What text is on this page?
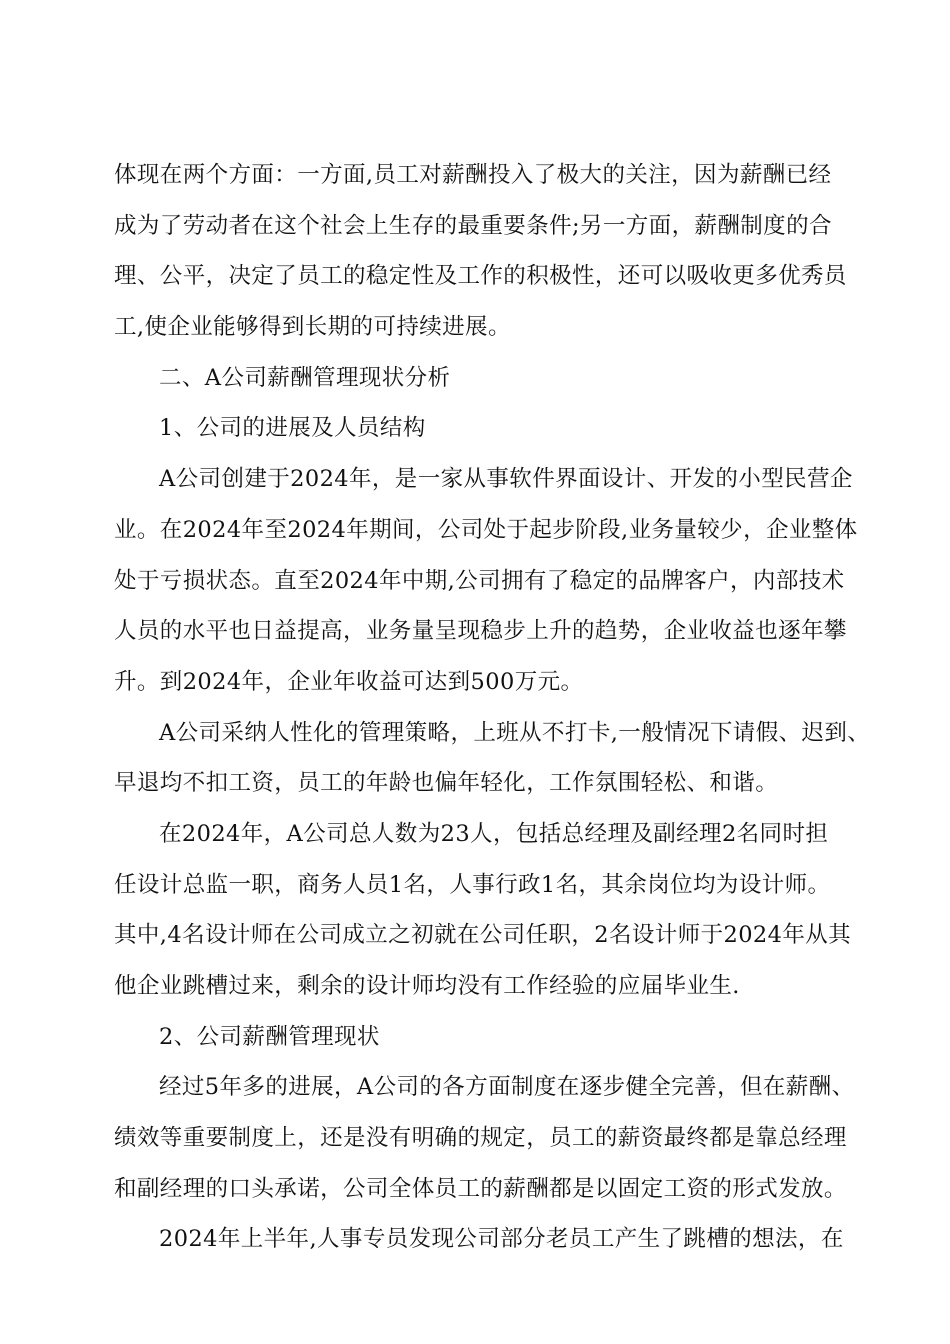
体现在两个方面：一方面,员工对薪酬投入了极大的关注，因为薪酬已经
成为了劳动者在这个社会上生存的最重要条件;另一方面，薪酬制度的合
理、公平，决定了员工的稳定性及工作的积极性，还可以吸收更多优秀员
工,使企业能够得到长期的可持续进展。
二、A公司薪酬管理现状分析
1、公司的进展及人员结构
A公司创建于2024年，是一家从事软件界面设计、开发的小型民营企
业。在2024年至2024年期间，公司处于起步阶段,业务量较少，企业整体
处于亏损状态。直至2024年中期,公司拥有了稳定的品牌客户，内部技术
人员的水平也日益提高，业务量呈现稳步上升的趋势，企业收益也逐年攀
升。到2024年，企业年收益可达到500万元。
A公司采纳人性化的管理策略，上班从不打卡,一般情况下请假、迟到、
早退均不扣工资，员工的年龄也偏年轻化，工作氛围轻松、和谐。
在2024年，A公司总人数为23人，包括总经理及副经理2名同时担
任设计总监一职，商务人员1名，人事行政1名，其余岗位均为设计师。
其中,4名设计师在公司成立之初就在公司任职，2名设计师于2024年从其
他企业跳槽过来，剩余的设计师均没有工作经验的应届毕业生.
2、公司薪酬管理现状
经过5年多的进展，A公司的各方面制度在逐步健全完善，但在薪酬、
绩效等重要制度上，还是没有明确的规定，员工的薪资最终都是靠总经理
和副经理的口头承诺，公司全体员工的薪酬都是以固定工资的形式发放。
2024年上半年,人事专员发现公司部分老员工产生了跳槽的想法，在
